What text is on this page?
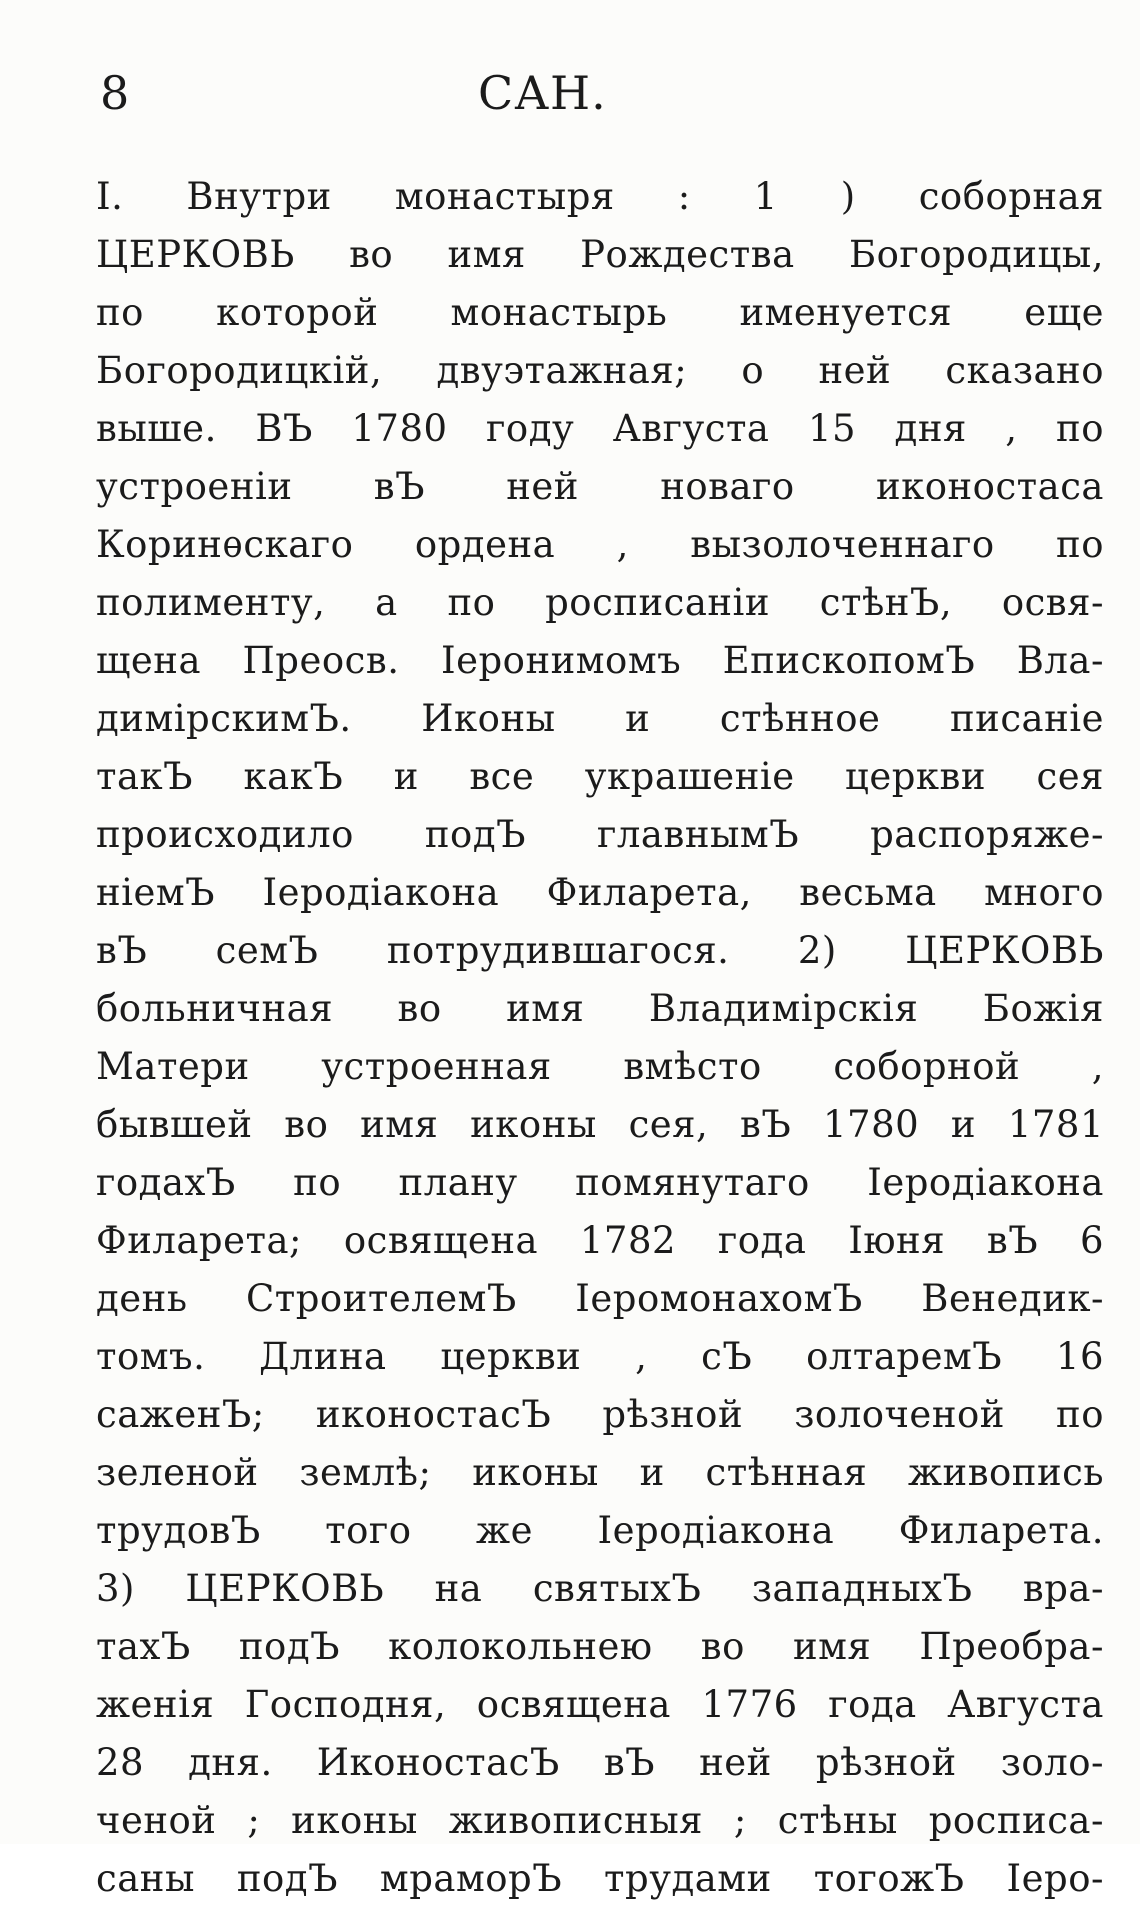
8	САН.
I. Внутри монастыря : 1 ) соборная
ЦЕРКОВЬ во имя Рождества Богородицы,
по которой монастырь именуется еще
Богородицкій, двуэтажная; о ней сказано
выше. ВЪ 1780 году Августа 15 дня , по
устроеніи вЪ ней новаго иконостаса
Коринѳскаго ордена , вызолоченнаго по
полименту, а по росписаніи стѣнЪ, освя-
щена Преосв. Іеронимомъ ЕпископомЪ Вла-
димірскимЪ. Иконы и стѣнное писаніе
такЪ какЪ и все украшеніе церкви сея
происходило подЪ главнымЪ распоряже-
ніемЪ Іеродіакона Филарета, весьма много
вЪ семЪ потрудившагося. 2) ЦЕРКОВЬ
больничная во имя Владимірскія Божія
Матери устроенная вмѣсто соборной ,
бывшей во имя иконы сея, вЪ 1780 и 1781
годахЪ по плану помянутаго Іеродіакона
Филарета; освящена 1782 года Іюня вЪ 6
день СтроителемЪ ІеромонахомЪ Венедик-
томъ. Длина церкви , сЪ олтаремЪ 16
саженЪ; иконостасЪ рѣзной золоченой по
зеленой землѣ; иконы и стѣнная живопись
трудовЪ того же Іеродіакона Филарета.
3) ЦЕРКОВЬ на святыхЪ западныхЪ вра-
тахЪ подЪ колокольнею во имя Преобра-
женія Господня, освящена 1776 года Августа
28 дня. ИконостасЪ вЪ ней рѣзной золо-
ченой ; иконы живописныя ; стѣны росписа-
саны подЪ мраморЪ трудами тогожЪ Іеро-
